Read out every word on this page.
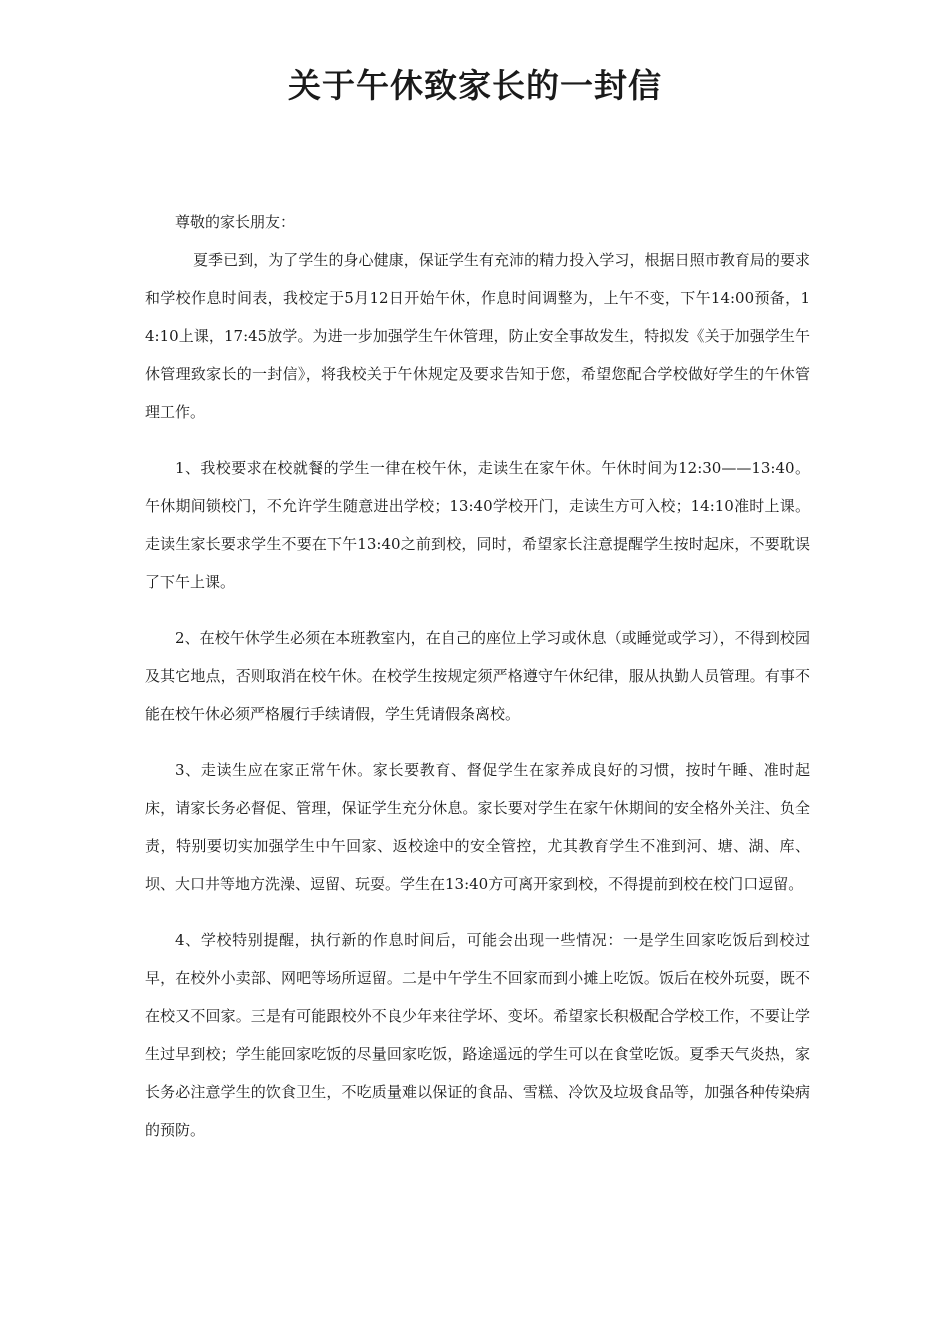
关于午休致家长的一封信

尊敬的家长朋友：

夏季已到，为了学生的身心健康，保证学生有充沛的精力投入学习，根据日照市教育局的要求和学校作息时间表，我校定于5月12日开始午休，作息时间调整为，上午不变，下午14:00预备，14:10上课，17:45放学。为进一步加强学生午休管理，防止安全事故发生，特拟发《关于加强学生午休管理致家长的一封信》，将我校关于午休规定及要求告知于您，希望您配合学校做好学生的午休管理工作。

1、我校要求在校就餐的学生一律在校午休，走读生在家午休。午休时间为12:30——13:40。午休期间锁校门，不允许学生随意进出学校；13:40学校开门，走读生方可入校；14:10准时上课。走读生家长要求学生不要在下午13:40之前到校，同时，希望家长注意提醒学生按时起床，不要耽误了下午上课。

2、在校午休学生必须在本班教室内，在自己的座位上学习或休息（或睡觉或学习），不得到校园及其它地点，否则取消在校午休。在校学生按规定须严格遵守午休纪律，服从执勤人员管理。有事不能在校午休必须严格履行手续请假，学生凭请假条离校。

3、走读生应在家正常午休。家长要教育、督促学生在家养成良好的习惯，按时午睡、准时起床，请家长务必督促、管理，保证学生充分休息。家长要对学生在家午休期间的安全格外关注、负全责，特别要切实加强学生中午回家、返校途中的安全管控，尤其教育学生不准到河、塘、湖、库、坝、大口井等地方洗澡、逗留、玩耍。学生在13:40方可离开家到校，不得提前到校在校门口逗留。

4、学校特别提醒，执行新的作息时间后，可能会出现一些情况：一是学生回家吃饭后到校过早，在校外小卖部、网吧等场所逗留。二是中午学生不回家而到小摊上吃饭。饭后在校外玩耍，既不在校又不回家。三是有可能跟校外不良少年来往学坏、变坏。希望家长积极配合学校工作，不要让学生过早到校；学生能回家吃饭的尽量回家吃饭，路途遥远的学生可以在食堂吃饭。夏季天气炎热，家长务必注意学生的饮食卫生，不吃质量难以保证的食品、雪糕、冷饮及垃圾食品等，加强各种传染病的预防。
